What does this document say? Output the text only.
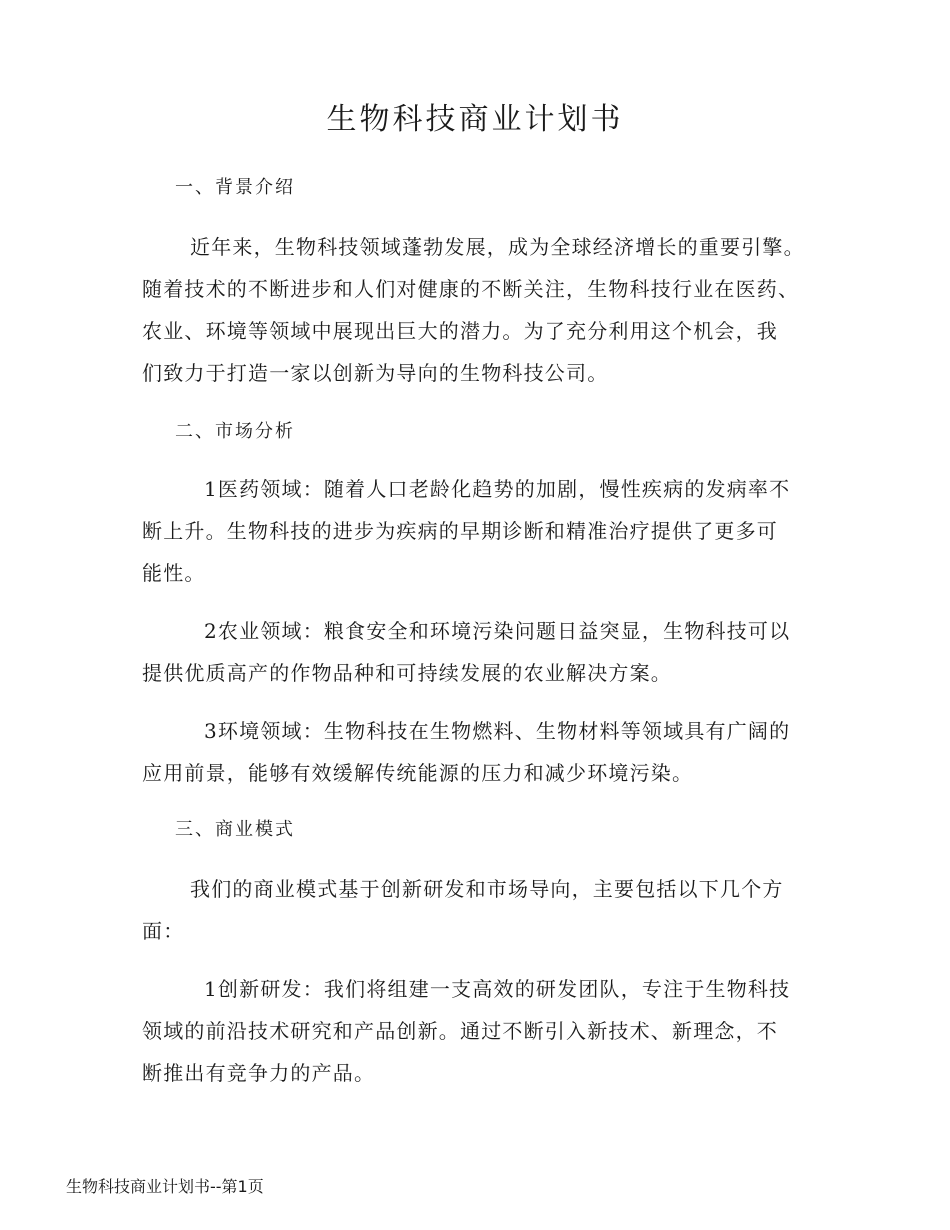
生物科技商业计划书
一、背景介绍

近年来，生物科技领域蓬勃发展，成为全球经济增长的重要引擎。
随着技术的不断进步和人们对健康的不断关注，生物科技行业在医药、
农业、环境等领域中展现出巨大的潜力。为了充分利用这个机会，我
们致力于打造一家以创新为导向的生物科技公司。

二、市场分析

1医药领域：随着人口老龄化趋势的加剧，慢性疾病的发病率不
断上升。生物科技的进步为疾病的早期诊断和精准治疗提供了更多可
能性。

2农业领域：粮食安全和环境污染问题日益突显，生物科技可以
提供优质高产的作物品种和可持续发展的农业解决方案。

3环境领域：生物科技在生物燃料、生物材料等领域具有广阔的
应用前景，能够有效缓解传统能源的压力和减少环境污染。

三、商业模式

我们的商业模式基于创新研发和市场导向，主要包括以下几个方
面：

1创新研发：我们将组建一支高效的研发团队，专注于生物科技
领域的前沿技术研究和产品创新。通过不断引入新技术、新理念，不
断推出有竞争力的产品。

生物科技商业计划书--第1页
